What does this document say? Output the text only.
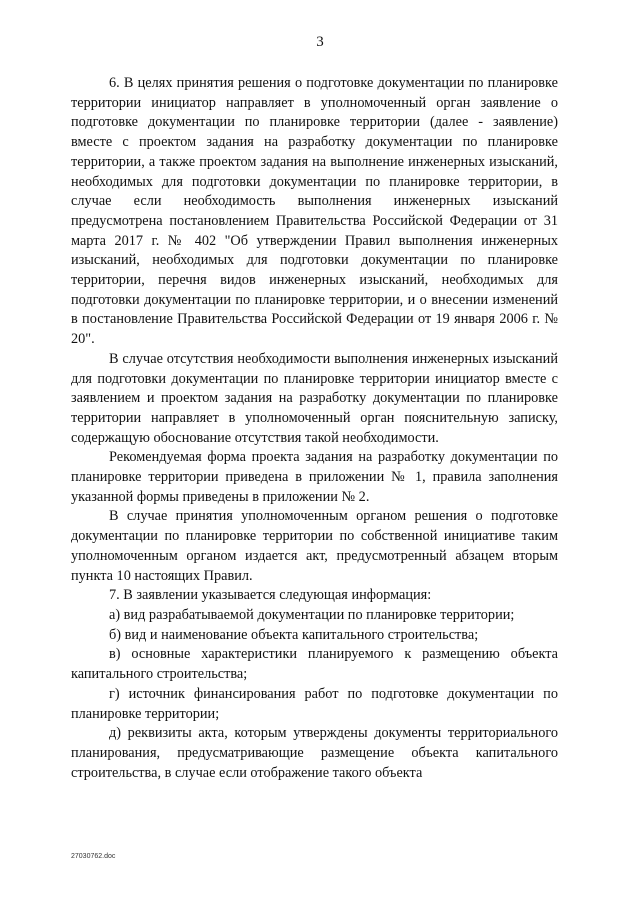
3

6. В целях принятия решения о подготовке документации по планировке территории инициатор направляет в уполномоченный орган заявление о подготовке документации по планировке территории (далее - заявление) вместе с проектом задания на разработку документации по планировке территории, а также проектом задания на выполнение инженерных изысканий, необходимых для подготовки документации по планировке территории, в случае если необходимость выполнения инженерных изысканий предусмотрена постановлением Правительства Российской Федерации от 31 марта 2017 г. № 402 "Об утверждении Правил выполнения инженерных изысканий, необходимых для подготовки документации по планировке территории, перечня видов инженерных изысканий, необходимых для подготовки документации по планировке территории, и о внесении изменений в постановление Правительства Российской Федерации от 19 января 2006 г. № 20".

В случае отсутствия необходимости выполнения инженерных изысканий для подготовки документации по планировке территории инициатор вместе с заявлением и проектом задания на разработку документации по планировке территории направляет в уполномоченный орган пояснительную записку, содержащую обоснование отсутствия такой необходимости.

Рекомендуемая форма проекта задания на разработку документации по планировке территории приведена в приложении № 1, правила заполнения указанной формы приведены в приложении № 2.

В случае принятия уполномоченным органом решения о подготовке документации по планировке территории по собственной инициативе таким уполномоченным органом издается акт, предусмотренный абзацем вторым пункта 10 настоящих Правил.

7. В заявлении указывается следующая информация:

а) вид разрабатываемой документации по планировке территории;

б) вид и наименование объекта капитального строительства;

в) основные характеристики планируемого к размещению объекта капитального строительства;

г) источник финансирования работ по подготовке документации по планировке территории;

д) реквизиты акта, которым утверждены документы территориального планирования, предусматривающие размещение объекта капитального строительства, в случае если отображение такого объекта

27030762.doc
